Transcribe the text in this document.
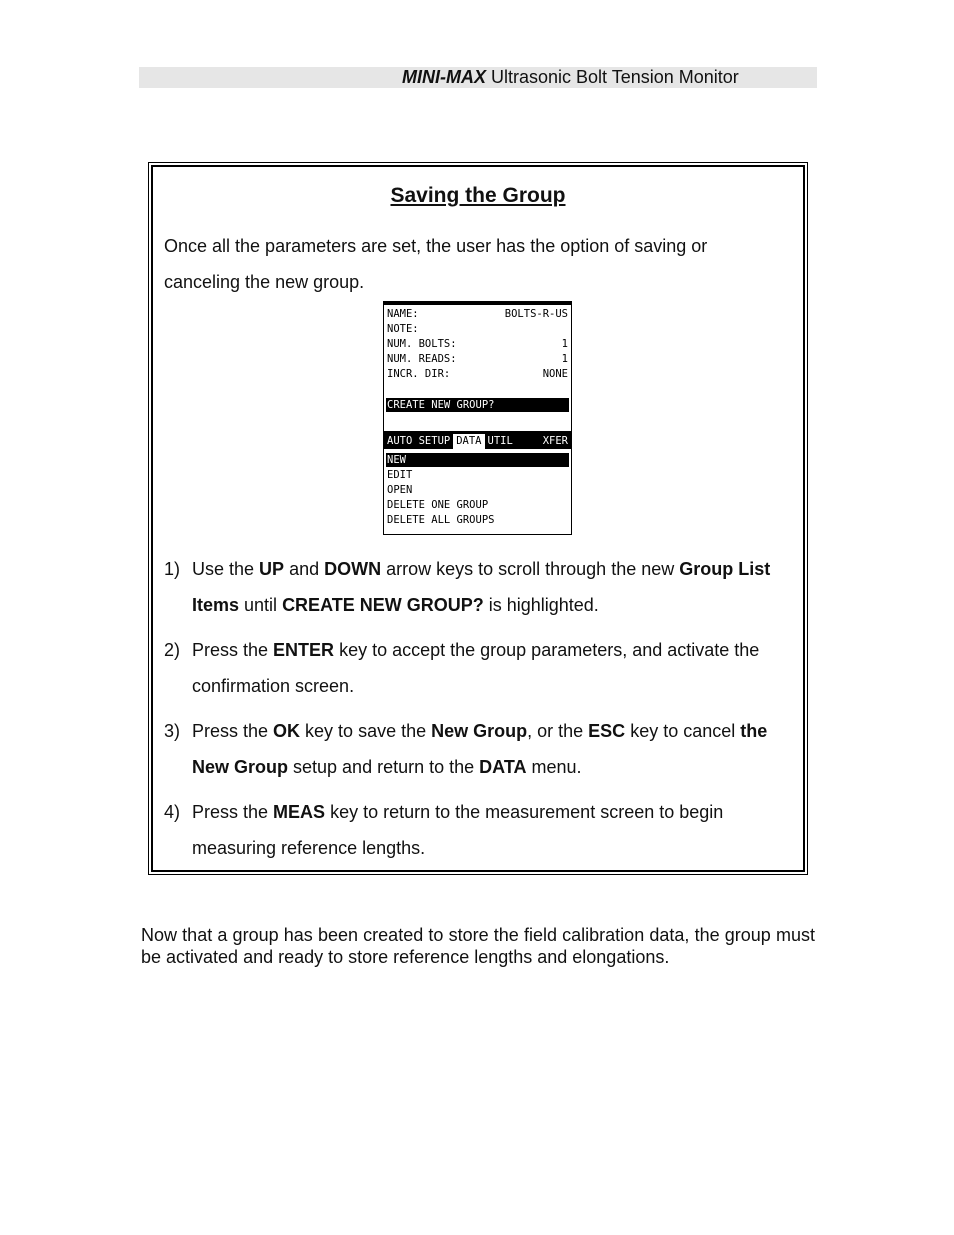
MINI-MAX Ultrasonic Bolt Tension Monitor
Saving the Group
Once all the parameters are set, the user has the option of saving or canceling the new group.
NAME:	BOLTS-R-US
NOTE:
NUM. BOLTS:	1
NUM. READS:	1
INCR. DIR:	NONE
CREATE NEW GROUP?
AUTO SETUP DATA UTIL	XFER
NEW
EDIT
OPEN
DELETE ONE GROUP
DELETE ALL GROUPS
1) Use the UP and DOWN arrow keys to scroll through the new Group List Items until CREATE NEW GROUP? is highlighted.
2) Press the ENTER key to accept the group parameters, and activate the confirmation screen.
3) Press the OK key to save the New Group, or the ESC key to cancel the New Group setup and return to the DATA menu.
4) Press the MEAS key to return to the measurement screen to begin measuring reference lengths.
Now that a group has been created to store the field calibration data, the group must be activated and ready to store reference lengths and elongations.
